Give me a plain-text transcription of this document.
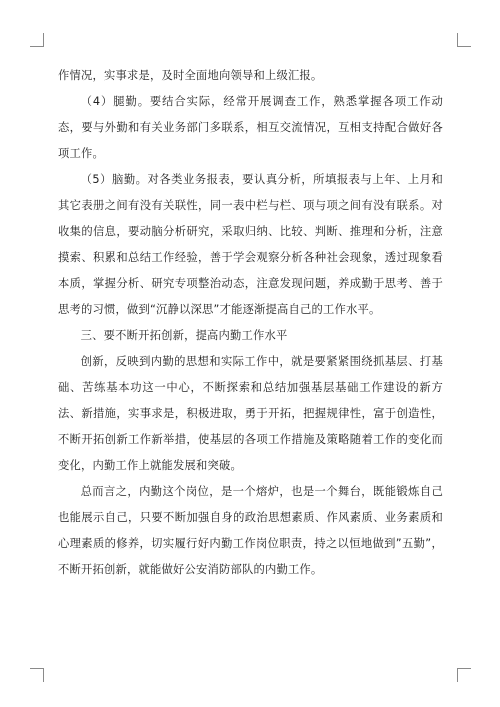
作情况，实事求是，及时全面地向领导和上级汇报。

（4）腿勤。要结合实际，经常开展调查工作，熟悉掌握各项工作动态，要与外勤和有关业务部门多联系，相互交流情况，互相支持配合做好各项工作。

（5）脑勤。对各类业务报表，要认真分析，所填报表与上年、上月和其它表册之间有没有关联性，同一表中栏与栏、项与项之间有没有联系。对收集的信息，要动脑分析研究，采取归纳、比较、判断、推理和分析，注意摸索、积累和总结工作经验，善于学会观察分析各种社会现象，透过现象看本质，掌握分析、研究专项整治动态，注意发现问题，养成勤于思考、善于思考的习惯，做到“沉静以深思”才能逐渐提高自己的工作水平。

三、要不断开拓创新，提高内勤工作水平

创新，反映到内勤的思想和实际工作中，就是要紧紧围绕抓基层、打基础、苦练基本功这一中心，不断探索和总结加强基层基础工作建设的新方法、新措施，实事求是，积极进取，勇于开拓，把握规律性，富于创造性，不断开拓创新工作新举措，使基层的各项工作措施及策略随着工作的变化而变化，内勤工作上就能发展和突破。

总而言之，内勤这个岗位，是一个熔炉，也是一个舞台，既能锻炼自己也能展示自己，只要不断加强自身的政治思想素质、作风素质、业务素质和心理素质的修养，切实履行好内勤工作岗位职责，持之以恒地做到”五勤”，不断开拓创新，就能做好公安消防部队的内勤工作。
